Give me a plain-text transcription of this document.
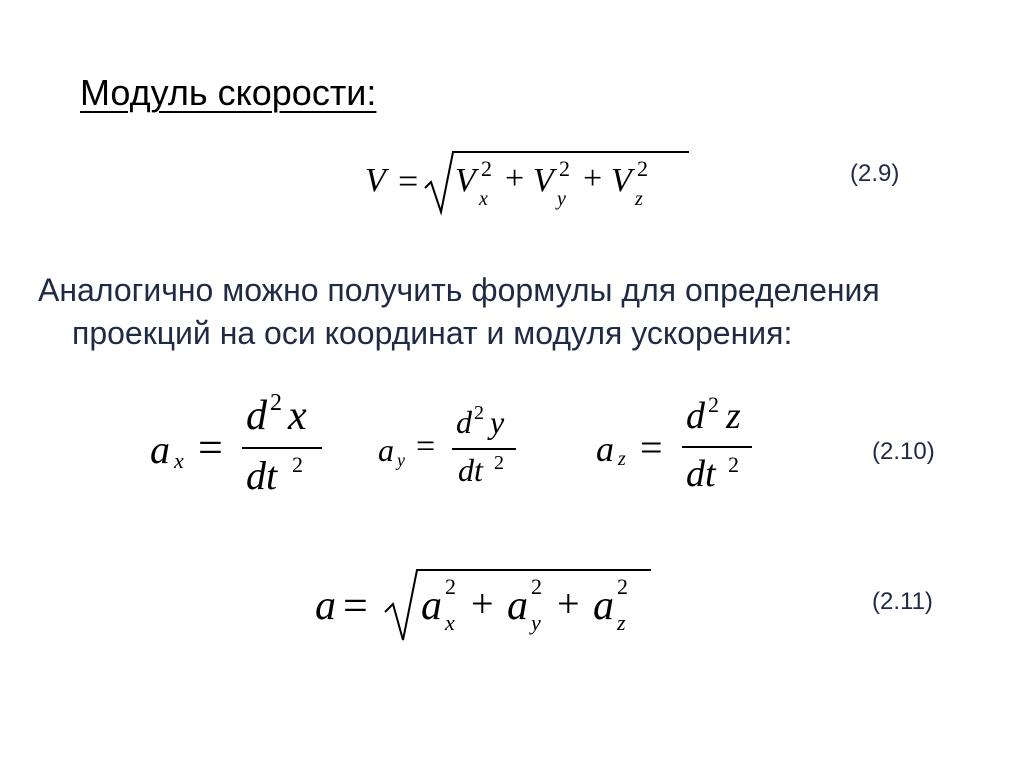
Модуль скорости:
V = V 2
x
+ V 2
y
+ V 2
z
(2.9)
Аналогично можно получить формулы для определения
проекций на оси координат и модуля ускорения:
a x =
d 2 x
dt 2 a y =
d 2 y
dt 2	a z =
d 2 z
dt 2	(2.10)
a = a 2
x + a 2
y + a 2
z
(2.11)
